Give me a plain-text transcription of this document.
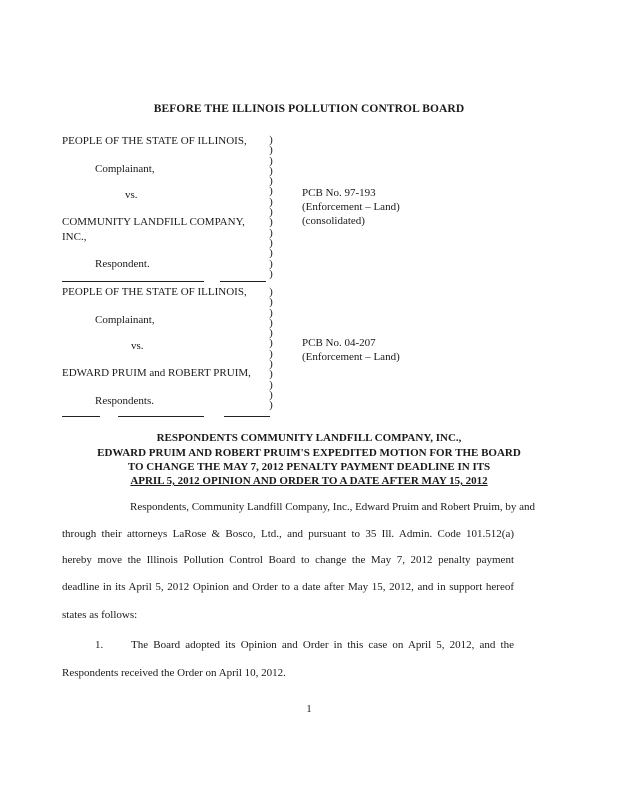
BEFORE THE ILLINOIS POLLUTION CONTROL BOARD
PEOPLE OF THE STATE OF ILLINOIS,
Complainant,
vs.
COMMUNITY LANDFILL COMPANY,
INC.,
Respondent.
PCB No. 97-193
(Enforcement – Land)
(consolidated)
)
)
)
)
)
)
)
)
)
)
)
)
)
)
PEOPLE OF THE STATE OF ILLINOIS,
Complainant,
vs.
EDWARD PRUIM and ROBERT PRUIM,
Respondents.
PCB No. 04-207
(Enforcement – Land)
)
)
)
)
)
)
)
)
)
)
)
)
RESPONDENTS COMMUNITY LANDFILL COMPANY, INC.,
EDWARD PRUIM AND ROBERT PRUIM'S EXPEDITED MOTION FOR THE BOARD
TO CHANGE THE MAY 7, 2012 PENALTY PAYMENT DEADLINE IN ITS
APRIL 5, 2012 OPINION AND ORDER TO A DATE AFTER MAY 15, 2012
Respondents, Community Landfill Company, Inc., Edward Pruim and Robert Pruim, by and
through their attorneys LaRose & Bosco, Ltd., and pursuant to 35 Ill. Admin. Code 101.512(a)
hereby move the Illinois Pollution Control Board to change the May 7, 2012 penalty payment
deadline in its April 5, 2012 Opinion and Order to a date after May 15, 2012, and in support hereof
states as follows:
1.	The Board adopted its Opinion and Order in this case on April 5, 2012, and the
Respondents received the Order on April 10, 2012.
1
